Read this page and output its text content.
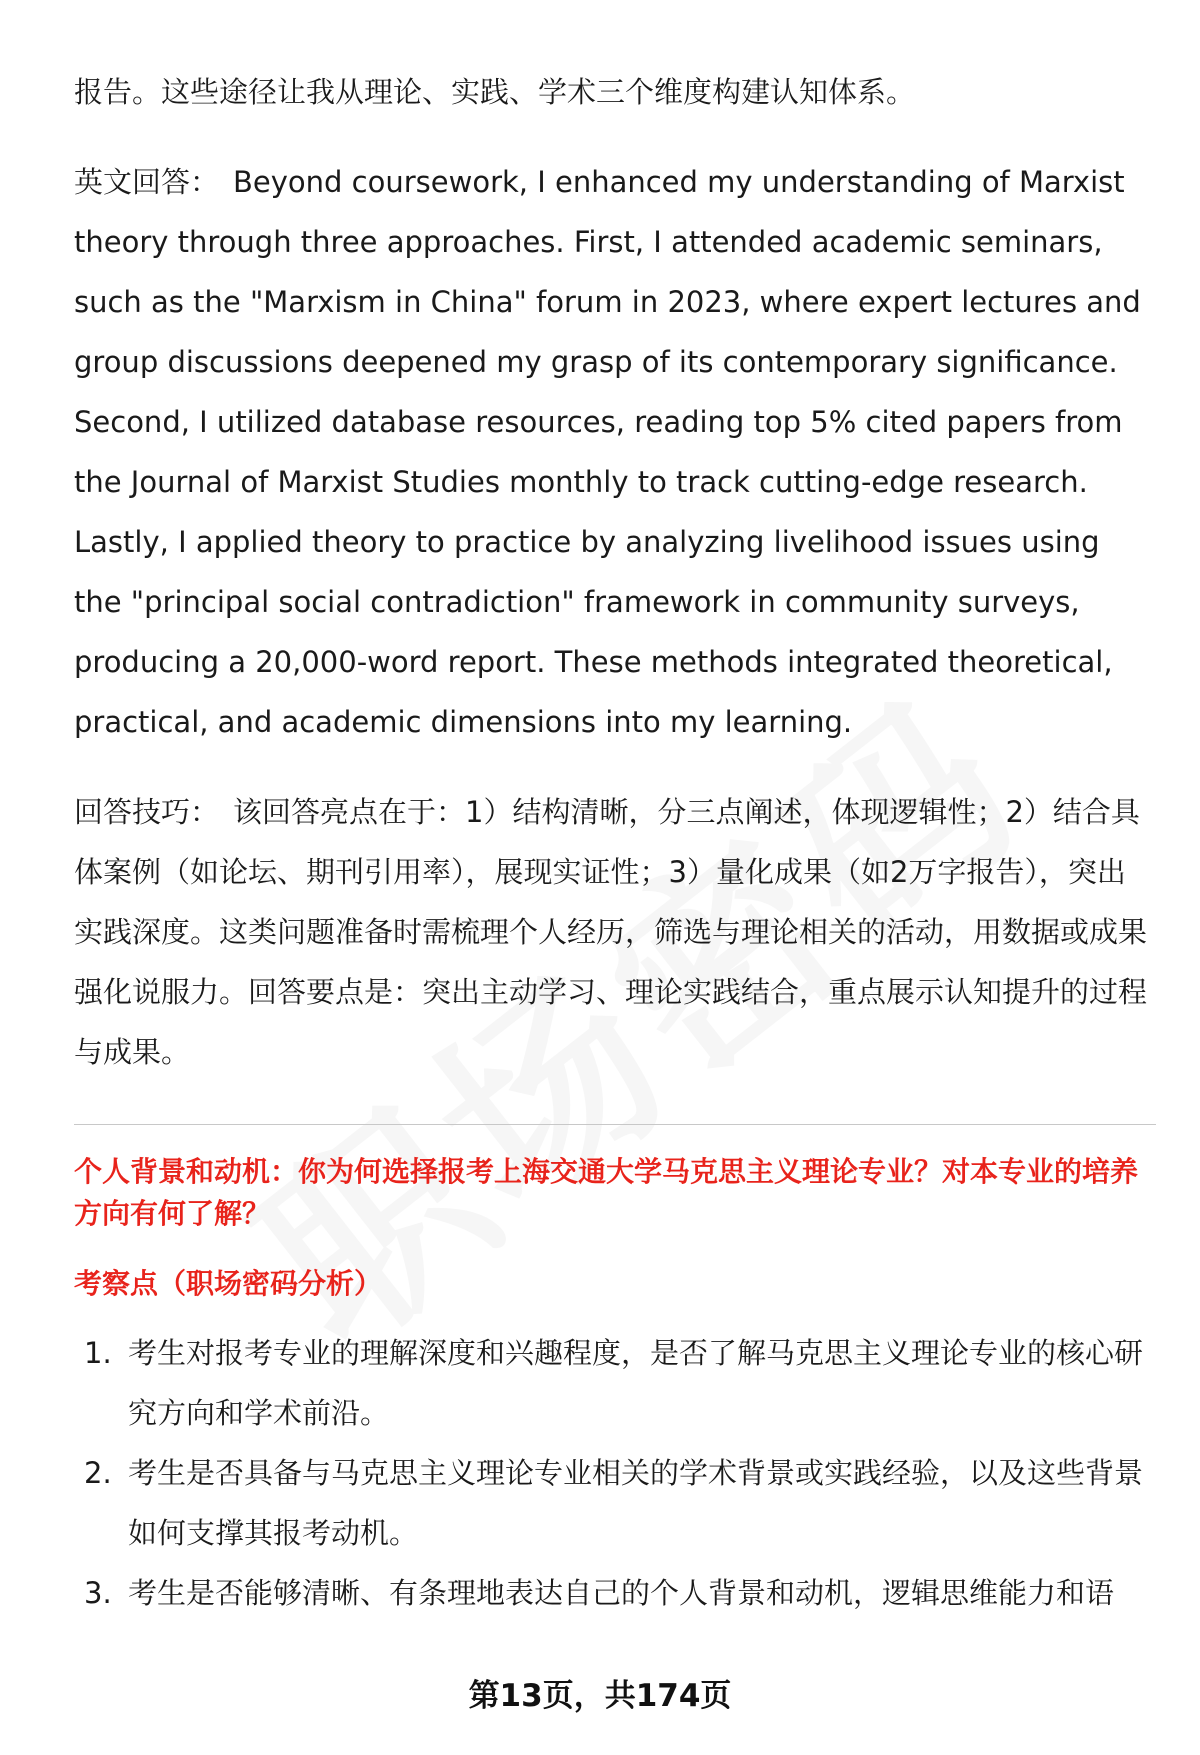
报告。这些途径让我从理论、实践、学术三个维度构建认知体系。

英文回答： Beyond coursework, I enhanced my understanding of Marxist theory through three approaches. First, I attended academic seminars, such as the "Marxism in China" forum in 2023, where expert lectures and group discussions deepened my grasp of its contemporary significance. Second, I utilized database resources, reading top 5% cited papers from the Journal of Marxist Studies monthly to track cutting-edge research. Lastly, I applied theory to practice by analyzing livelihood issues using the "principal social contradiction" framework in community surveys, producing a 20,000-word report. These methods integrated theoretical, practical, and academic dimensions into my learning.

回答技巧： 该回答亮点在于：1）结构清晰，分三点阐述，体现逻辑性；2）结合具体案例（如论坛、期刊引用率），展现实证性；3）量化成果（如2万字报告），突出实践深度。这类问题准备时需梳理个人经历，筛选与理论相关的活动，用数据或成果强化说服力。回答要点是：突出主动学习、理论实践结合，重点展示认知提升的过程与成果。

个人背景和动机：你为何选择报考上海交通大学马克思主义理论专业？对本专业的培养方向有何了解？

考察点（职场密码分析）

1. 考生对报考专业的理解深度和兴趣程度，是否了解马克思主义理论专业的核心研究方向和学术前沿。
2. 考生是否具备与马克思主义理论专业相关的学术背景或实践经验，以及这些背景如何支撑其报考动机。
3. 考生是否能够清晰、有条理地表达自己的个人背景和动机，逻辑思维能力和语
第13页，共174页
